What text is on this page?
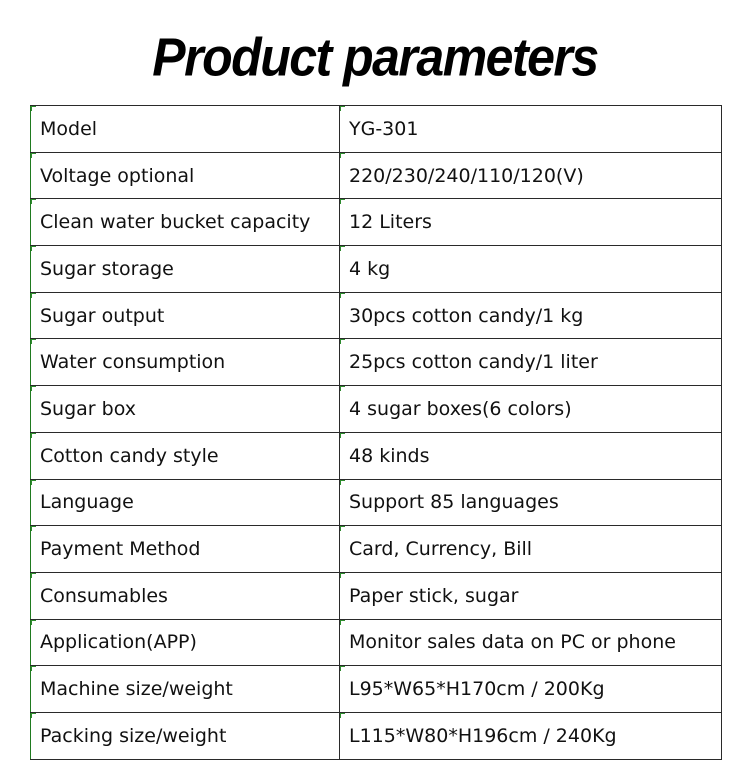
Product parameters
Model	YG-301
Voltage optional	220/230/240/110/120(V)
Clean water bucket capacity	12 Liters
Sugar storage	4 kg
Sugar output	30pcs cotton candy/1 kg
Water consumption	25pcs cotton candy/1 liter
Sugar box	4 sugar boxes(6 colors)
Cotton candy style	48 kinds
Language	Support 85 languages
Payment Method	Card, Currency, Bill
Consumables	Paper stick, sugar
Application(APP)	Monitor sales data on PC or phone
Machine size/weight	L95*W65*H170cm / 200Kg
Packing size/weight	L115*W80*H196cm / 240Kg
